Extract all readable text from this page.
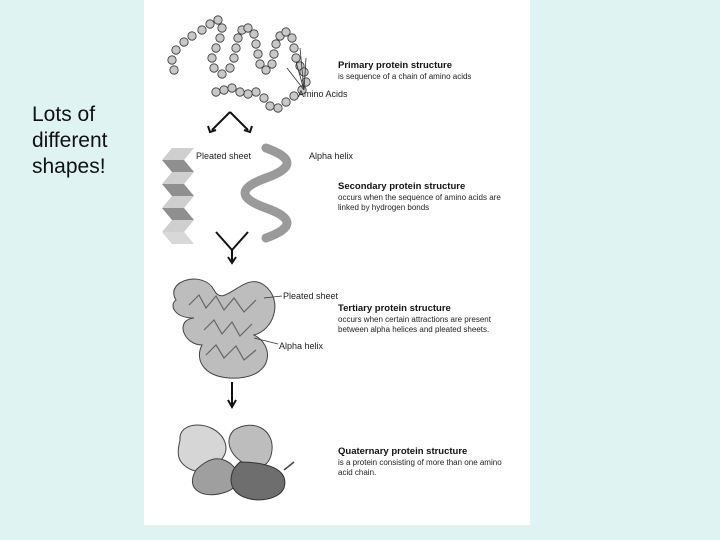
Lots of
different
shapes!
Primary protein structure
is sequence of a chain of amino acids
Amino Acids
Pleated sheet	Alpha helix
Secondary protein structure
occurs when the sequence of amino acids are linked by hydrogen bonds
Pleated sheet
Tertiary protein structure
occurs when certain attractions are present between alpha helices and pleated sheets.
Alpha helix
Quaternary protein structure
is a protein consisting of more than one amino acid chain.
